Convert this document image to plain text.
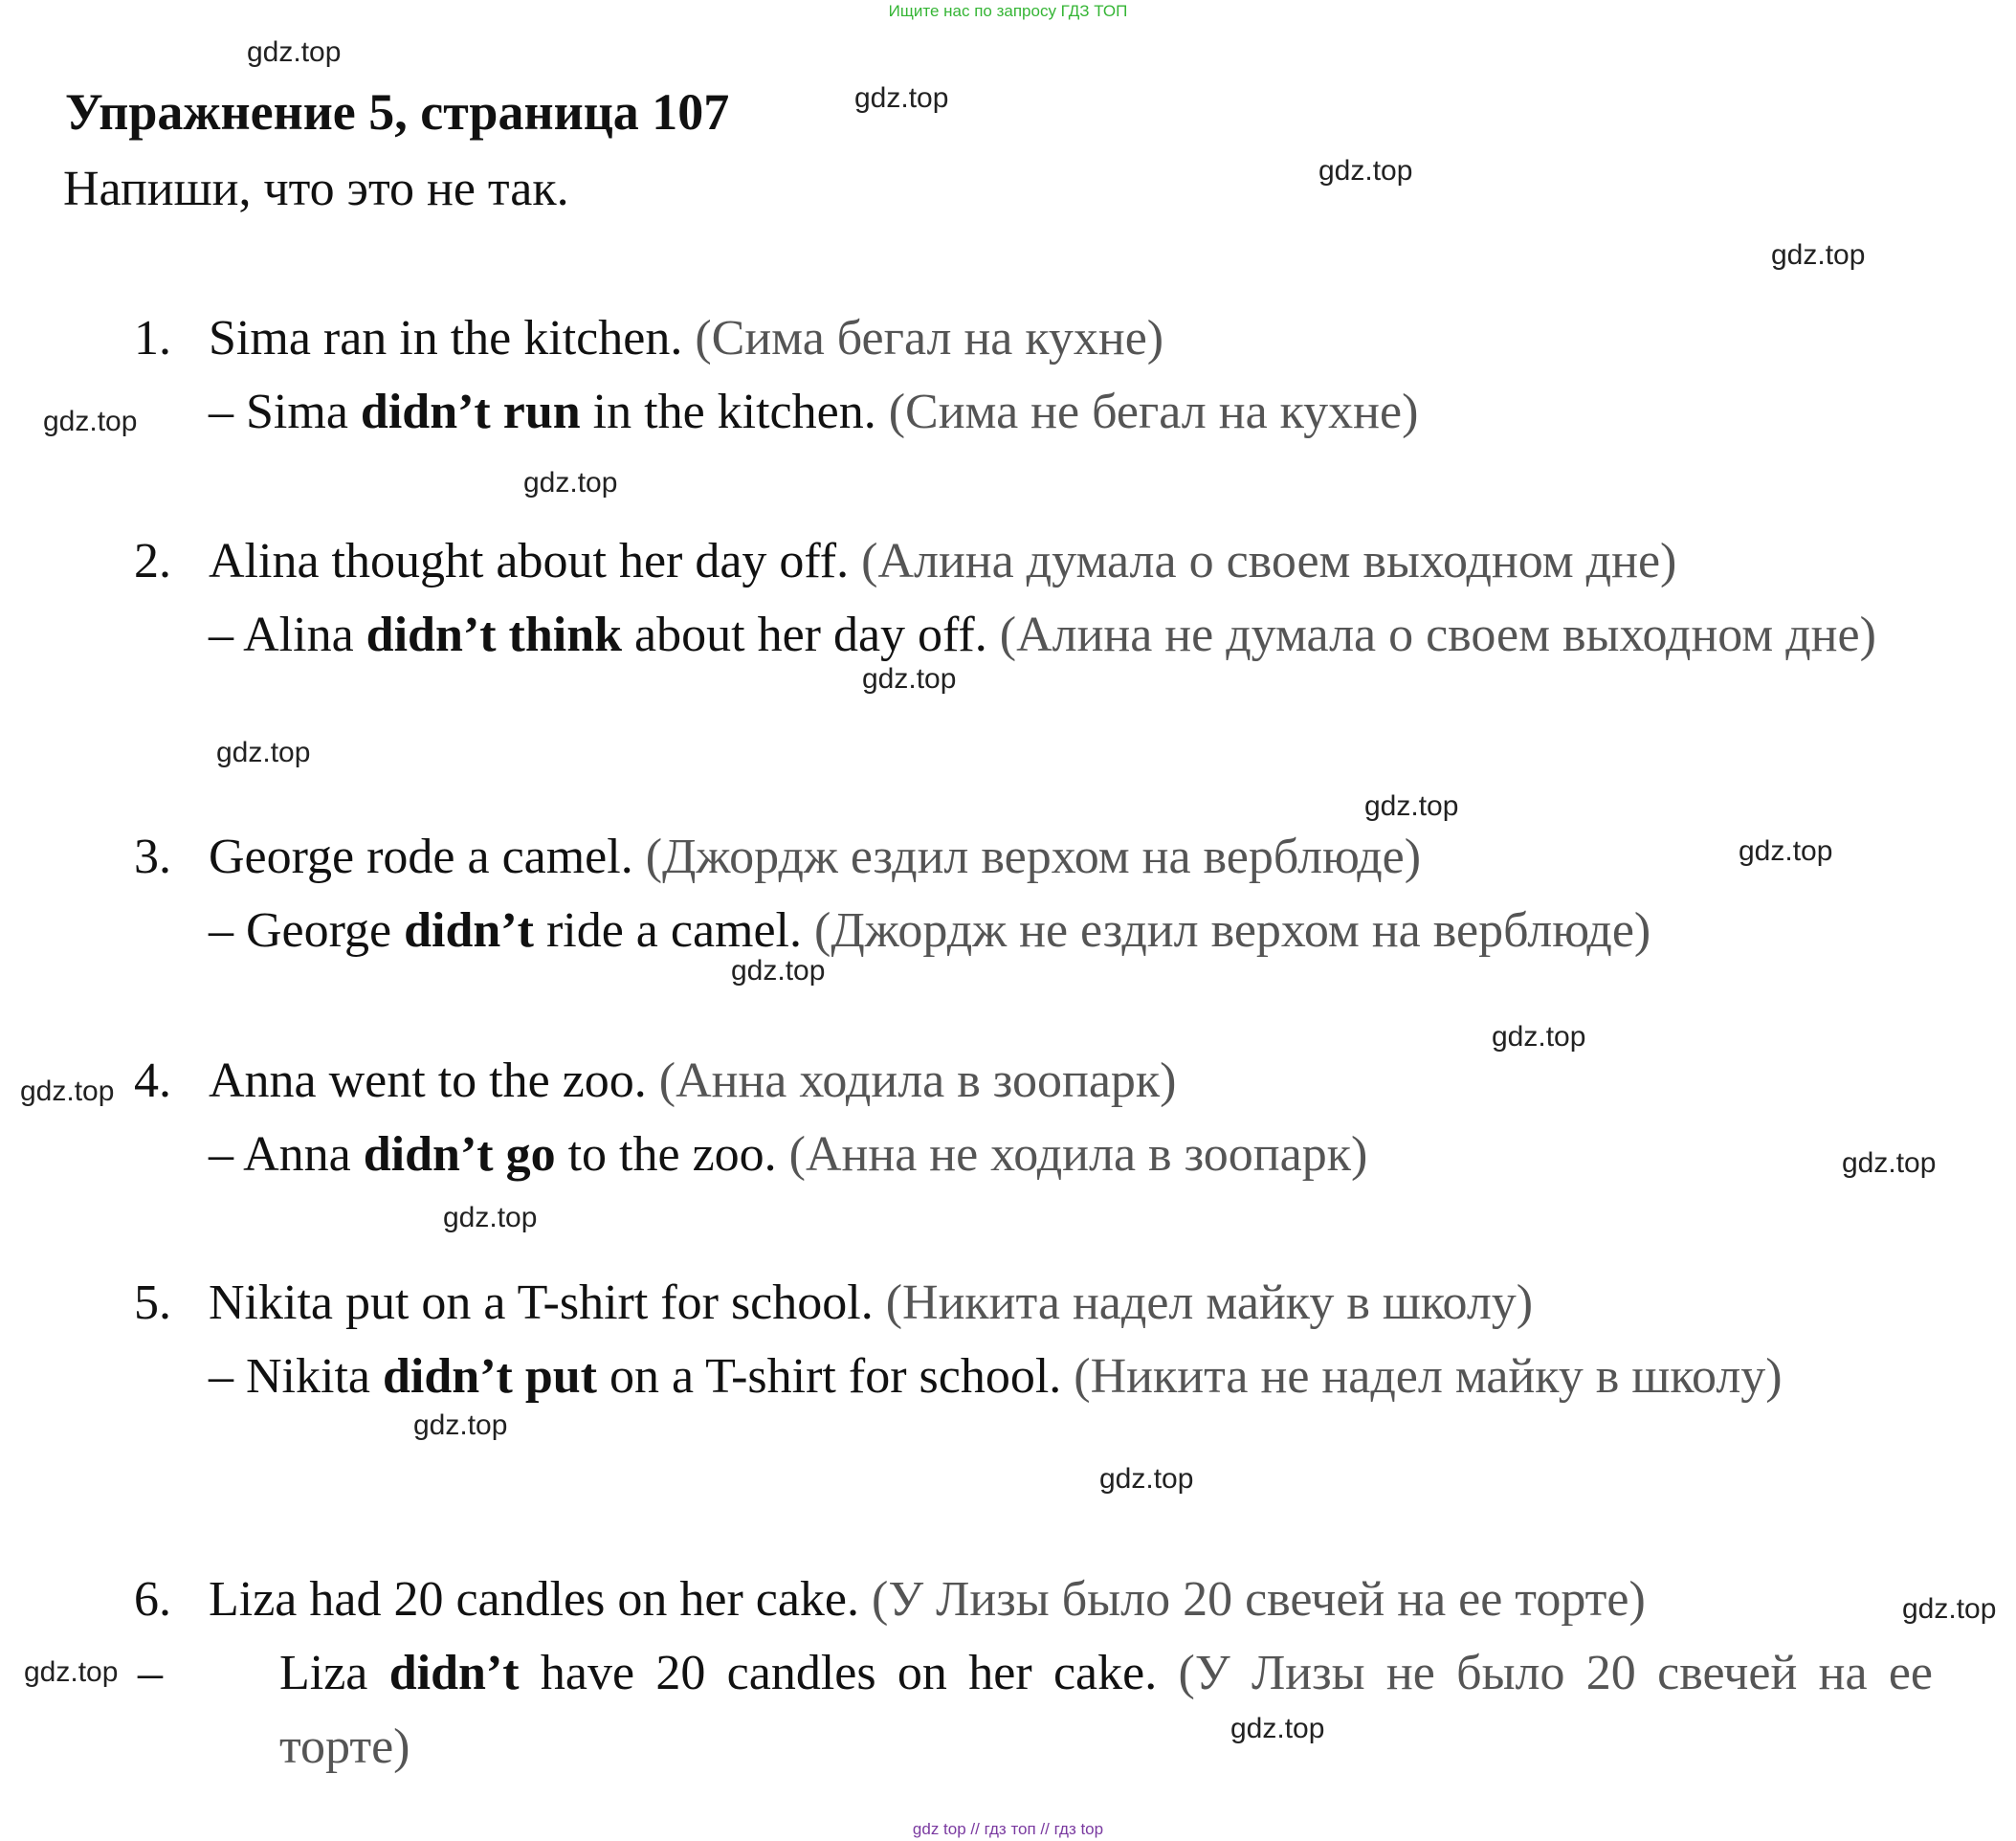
Ищите нас по запросу ГДЗ ТОП
Упражнение 5, страница 107

Напиши, что это не так.

1. Sima ran in the kitchen. (Сима бегал на кухне)
– Sima didn’t run in the kitchen. (Сима не бегал на кухне)
2. Alina thought about her day off. (Алина думала о своем выходном дне)
– Alina didn’t think about her day off. (Алина не думала о своем выходном дне)
3. George rode a camel. (Джордж ездил верхом на верблюде)
– George didn’t ride a camel. (Джордж не ездил верхом на верблюде)
4. Anna went to the zoo. (Анна ходила в зоопарк)
– Anna didn’t go to the zoo. (Анна не ходила в зоопарк)
5. Nikita put on a T-shirt for school. (Никита надел майку в школу)
– Nikita didn’t put on a T-shirt for school. (Никита не надел майку в школу)
6. Liza had 20 candles on her cake. (У Лизы было 20 свечей на ее торте)
– Liza didn’t have 20 candles on her cake. (У Лизы не было 20 свечей на ее торте)
gdz.top
gdz.top
gdz.top
gdz.top
gdz.top
gdz.top
gdz.top
gdz.top
gdz.top
gdz.top
gdz.top
gdz.top
gdz.top
gdz.top
gdz.top
gdz.top
gdz.top
gdz.top
gdz.top
gdz.top
gdz top // гдз топ // гдз top
